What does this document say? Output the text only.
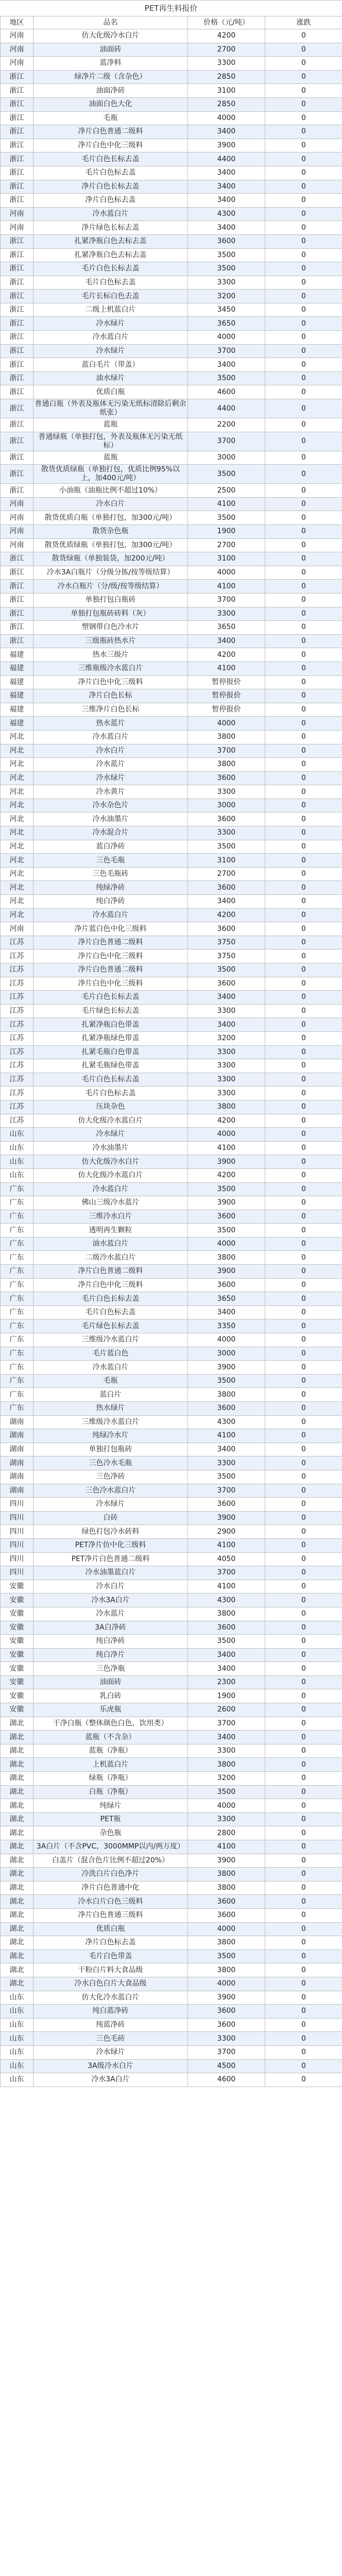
PET再生料报价
地区	品名	价格（元/吨）	涨跌
河南	仿大化级冷水白片	4200	0
河南	油面砖	2700	0
河南	蓝净料	3300	0
浙江	绿净片二级（含杂色）	2850	0
浙江	油面净砖	3100	0
浙江	油面白色大化	2850	0
浙江	毛瓶	4000	0
浙江	净片白色普通二级料	3400	0
浙江	净片白色中化三级料	3900	0
浙江	毛片白色长标去盖	4400	0
浙江	毛片白色标去盖	3400	0
浙江	净片白色长标去盖	3400	0
浙江	净片白色标去盖	3400	0
河南	冷水蓝白片	4300	0
河南	净片绿色长标去盖	3400	0
浙江	扎紧净瓶白色去标去盖	3600	0
浙江	扎紧净瓶白色去标去盖	3500	0
浙江	毛片白色长标去盖	3500	0
浙江	毛片白色标去盖	3300	0
浙江	毛片长标白色去盖	3200	0
浙江	二级上机蓝白片	3450	0
浙江	冷水绿片	3650	0
浙江	冷水蓝白片	4000	0
浙江	冷水绿片	3700	0
浙江	蓝白毛片（带盖）	3400	0
浙江	油水绿片	3500	0
浙江	优质白瓶	4600	0
浙江	普通白瓶（外表及瓶体无污染无纸标清除后剩余纸张）	4400	0
浙江	蓝瓶	2200	0
浙江	普通绿瓶（单独打包，外表及瓶体无污染无纸标）	3700	0
浙江	蓝瓶	3000	0
浙江	散货优质绿瓶（单独打包，优质比例95%以上，加400元/吨）	3500	0
浙江	小油瓶（油瓶比例不超过10%）	2500	0
河南	冷水白片	4100	0
河南	散货优质白瓶（单独打包，加300元/吨）	3500	0
河南	散货杂色瓶	1900	0
河南	散货优质绿瓶（单独打包，加300元/吨）	2700	0
浙江	散货绿瓶（单独装袋，加200元/吨）	3100	0
浙江	冷水3A白瓶片（分级分拣/按等级结算）	4000	0
浙江	冷水白瓶片（分/级/按等级结算）	4100	0
浙江	单独打包白瓶砖	3700	0
浙江	单独打包瓶砖砖料（灰）	3300	0
浙江	塑钢带白色冷水片	3650	0
浙江	三级瓶砖热水片	3400	0
福建	热水三级片	4200	0
福建	三维瓶级冷水蓝白片	4100	0
福建	净片白色中化三级料	暂停报价	0
福建	净片白色长标	暂停报价	0
福建	三维净片白色长标	暂停报价	0
福建	热水蓝片	4000	0
河北	冷水蓝白片	3800	0
河北	冷水白片	3700	0
河北	冷水蓝片	3800	0
河北	冷水绿片	3600	0
河北	冷水黄片	3300	0
河北	冷水杂色片	3000	0
河北	冷水油墨片	3600	0
河北	冷水混合片	3300	0
河北	蓝白净砖	3500	0
河北	三色毛瓶	3100	0
河北	三色毛瓶砖	2700	0
河北	纯绿净砖	3600	0
河北	纯白净砖	3400	0
河北	冷水蓝白片	4200	0
河南	净片蓝白色中化三级料	3600	0
江苏	净片白色普通二级料	3750	0
江苏	净片白色中化三级料	3750	0
江苏	净片白色普通二级料	3500	0
江苏	净片白色中化三级料	3600	0
江苏	毛片白色长标去盖	3400	0
江苏	毛片绿色长标去盖	3300	0
江苏	扎紧净瓶白色带盖	3400	0
江苏	扎紧净瓶绿色带盖	3200	0
江苏	扎紧毛瓶白色带盖	3300	0
江苏	扎紧毛瓶绿色带盖	3300	0
江苏	毛片白色长标去盖	3300	0
江苏	毛片白色标去盖	3300	0
江苏	压块杂色	3800	0
江苏	仿大化级冷水蓝白片	4200	0
山东	冷水绿片	4000	0
山东	冷水油墨片	4100	0
山东	仿大化级冷水白片	3900	0
山东	仿大化级冷水蓝白片	4200	0
广东	冷水蓝白片	3500	0
广东	佛山三级冷水蓝片	3900	0
广东	三维冷水白片	3600	0
广东	透明再生颗粒	3500	0
广东	油水蓝白片	4000	0
广东	二级冷水蓝白片	3800	0
广东	净片白色普通二级料	3900	0
广东	净片白色中化三级料	3600	0
广东	毛片白色长标去盖	3650	0
广东	毛片白色标去盖	3400	0
广东	毛片绿色长标去盖	3350	0
广东	三维级冷水蓝白片	4000	0
广东	毛片蓝白色	3000	0
广东	冷水蓝白片	3900	0
广东	毛瓶	3500	0
广东	蓝白片	3800	0
广东	热水绿片	3600	0
湖南	三维级冷水蓝白片	4300	0
湖南	纯绿冷水片	4100	0
湖南	单独打包瓶砖	3400	0
湖南	三色冷水毛瓶	3300	0
湖南	三色净砖	3500	0
湖南	三色冷水蓝白片	3700	0
四川	冷水绿片	3600	0
四川	白砖	3900	0
四川	绿色打包冷水砖料	2900	0
四川	PET净片仿中化三级料	4100	0
四川	PET净片白色普通二级料	4050	0
四川	冷水油墨蓝白片	3700	0
安徽	冷水白片	4100	0
安徽	冷水3A白片	4300	0
安徽	冷水蓝片	3800	0
安徽	3A白净砖	3600	0
安徽	纯白净砖	3500	0
安徽	纯白净片	3400	0
安徽	三色净瓶	3400	0
安徽	油面砖	2300	0
安徽	乳白砖	1900	0
安徽	乐虎瓶	2600	0
湖北	干净白瓶（整体颜色白色，饮用类）	3700	0
湖北	蓝瓶（不含杂）	3400	0
湖北	蓝瓶（净瓶）	3300	0
湖北	上机蓝白片	3800	0
湖北	绿瓶（净瓶）	3200	0
湖北	白瓶（净瓶）	3500	0
湖北	纯绿片	4000	0
湖北	PET瓶	3300	0
湖北	杂色瓶	2800	0
湖北	3A白片（不含PVC，3000MMP以内/两万度）	4100	0
湖北	白盖片（混合色片比例不超过20%）	3900	0
湖北	冷洗白片白色净片	3800	0
湖北	净片白色普通中化	3800	0
湖北	冷水白片白色三级料	3600	0
湖北	净片白色普通三级料	3600	0
湖北	优质白瓶	4000	0
湖北	净片白色标去盖	3800	0
湖北	毛片白色带盖	3500	0
湖北	干粉白片料大食品级	3800	0
湖北	冷水白色白片大食品级	4000	0
山东	仿大化冷水蓝白片	3900	0
山东	纯白蓝净砖	3600	0
山东	纯蓝净砖	3600	0
山东	三色毛砖	3300	0
山东	冷水绿片	3700	0
山东	3A级冷水白片	4500	0
山东	冷水3A白片	4600	0
